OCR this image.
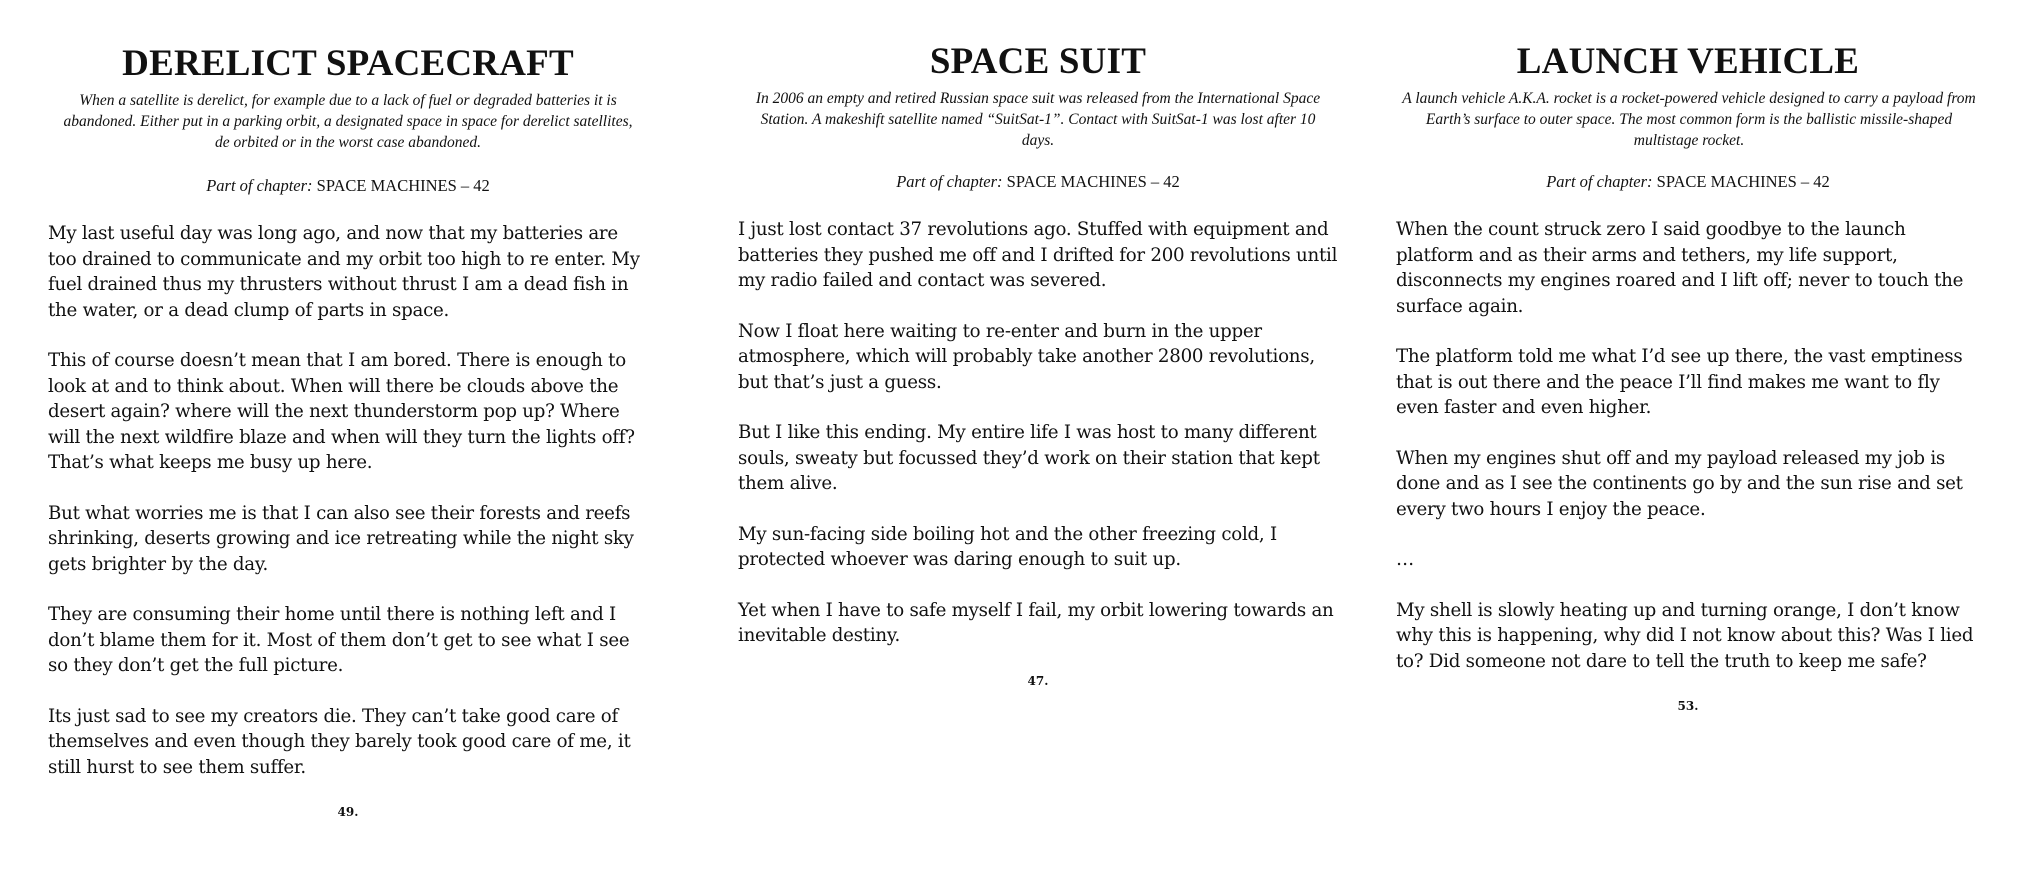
DERELICT SPACECRAFT

When a satellite is derelict, for example due to a lack of fuel or degraded batteries it is abandoned. Either put in a parking orbit, a designated space in space for derelict satellites, de orbited or in the worst case abandoned.

Part of chapter: SPACE MACHINES – 42

My last useful day was long ago, and now that my batteries are too drained to communicate and my orbit too high to re enter. My fuel drained thus my thrusters without thrust I am a dead fish in the water, or a dead clump of parts in space.

This of course doesn’t mean that I am bored. There is enough to look at and to think about. When will there be clouds above the desert again? where will the next thunderstorm pop up? Where will the next wildfire blaze and when will they turn the lights off? That’s what keeps me busy up here.

But what worries me is that I can also see their forests and reefs shrinking, deserts growing and ice retreating while the night sky gets brighter by the day.

They are consuming their home until there is nothing left and I don’t blame them for it. Most of them don’t get to see what I see so they don’t get the full picture.

Its just sad to see my creators die. They can’t take good care of themselves and even though they barely took good care of me, it still hurst to see them suffer.

49.

SPACE SUIT

In 2006 an empty and retired Russian space suit was released from the International Space Station. A makeshift satellite named “SuitSat-1”. Contact with SuitSat-1 was lost after 10 days.

Part of chapter: SPACE MACHINES – 42

I just lost contact 37 revolutions ago. Stuffed with equipment and batteries they pushed me off and I drifted for 200 revolutions until my radio failed and contact was severed.

Now I float here waiting to re-enter and burn in the upper atmosphere, which will probably take another 2800 revolutions, but that’s just a guess.

But I like this ending. My entire life I was host to many different souls, sweaty but focussed they’d work on their station that kept them alive.

My sun-facing side boiling hot and the other freezing cold, I protected whoever was daring enough to suit up.

Yet when I have to safe myself I fail, my orbit lowering towards an inevitable destiny.

47.

LAUNCH VEHICLE

A launch vehicle A.K.A. rocket is a rocket-powered vehicle designed to carry a payload from Earth’s surface to outer space. The most common form is the ballistic missile-shaped multistage rocket.

Part of chapter: SPACE MACHINES – 42

When the count struck zero I said goodbye to the launch platform and as their arms and tethers, my life support, disconnects my engines roared and I lift off; never to touch the surface again.

The platform told me what I’d see up there, the vast emptiness that is out there and the peace I’ll find makes me want to fly even faster and even higher.

When my engines shut off and my payload released my job is done and as I see the continents go by and the sun rise and set every two hours I enjoy the peace.

…

My shell is slowly heating up and turning orange, I don’t know why this is happening, why did I not know about this? Was I lied to? Did someone not dare to tell the truth to keep me safe?

53.
